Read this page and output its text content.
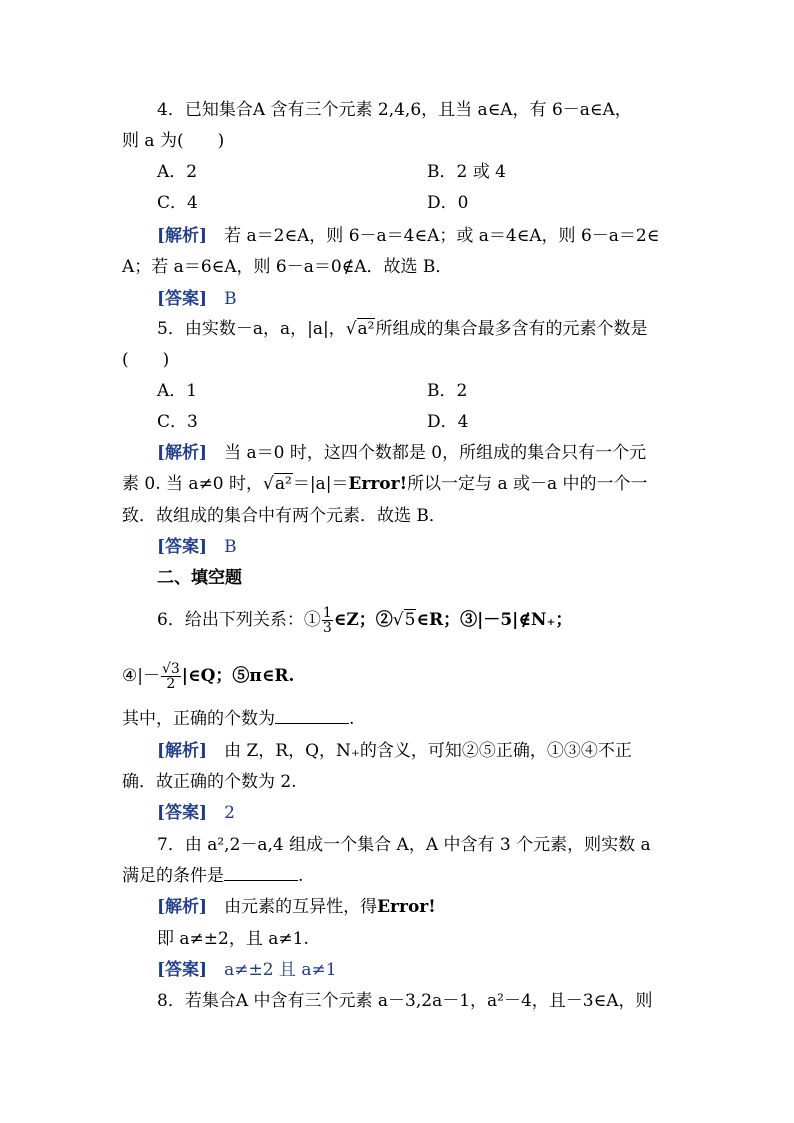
4．已知集合A 含有三个元素 2,4,6，且当 a∈A，有 6－a∈A，
则 a 为(　　)
A．2	B．2 或 4
C．4	D．0
[解析]　若 a＝2∈A，则 6－a＝4∈A；或 a＝4∈A，则 6－a＝2∈
A；若 a＝6∈A，则 6－a＝0∉A．故选 B．
[答案]　B
5．由实数－a，a，|a|，√a²所组成的集合最多含有的元素个数是
(　　)
A．1	B．2
C．3	D．4
[解析]　当 a＝0 时，这四个数都是 0，所组成的集合只有一个元
素 0. 当 a≠0 时，√a²＝|a|＝Error!所以一定与 a 或－a 中的一个一
致．故组成的集合中有两个元素．故选 B．
[答案]　B
二、填空题
6．给出下列关系：① $\frac{1}{3}$ ∈Z；②√5∈R；③|－5|∉N₊；
④|－ $\frac{√3}{2}$ |∈Q；⑤π∈R.
其中，正确的个数为	.
[解析]　由 Z，R，Q，N₊的含义，可知②⑤正确，①③④不正
确．故正确的个数为 2.
[答案]　2
7．由 a²,2－a,4 组成一个集合 A，A 中含有 3 个元素，则实数 a
满足的条件是	.
[解析]　由元素的互异性，得Error!
即 a≠±2，且 a≠1.
[答案]　a≠±2 且 a≠1
8．若集合A 中含有三个元素 a－3,2a－1，a²－4，且－3∈A，则
